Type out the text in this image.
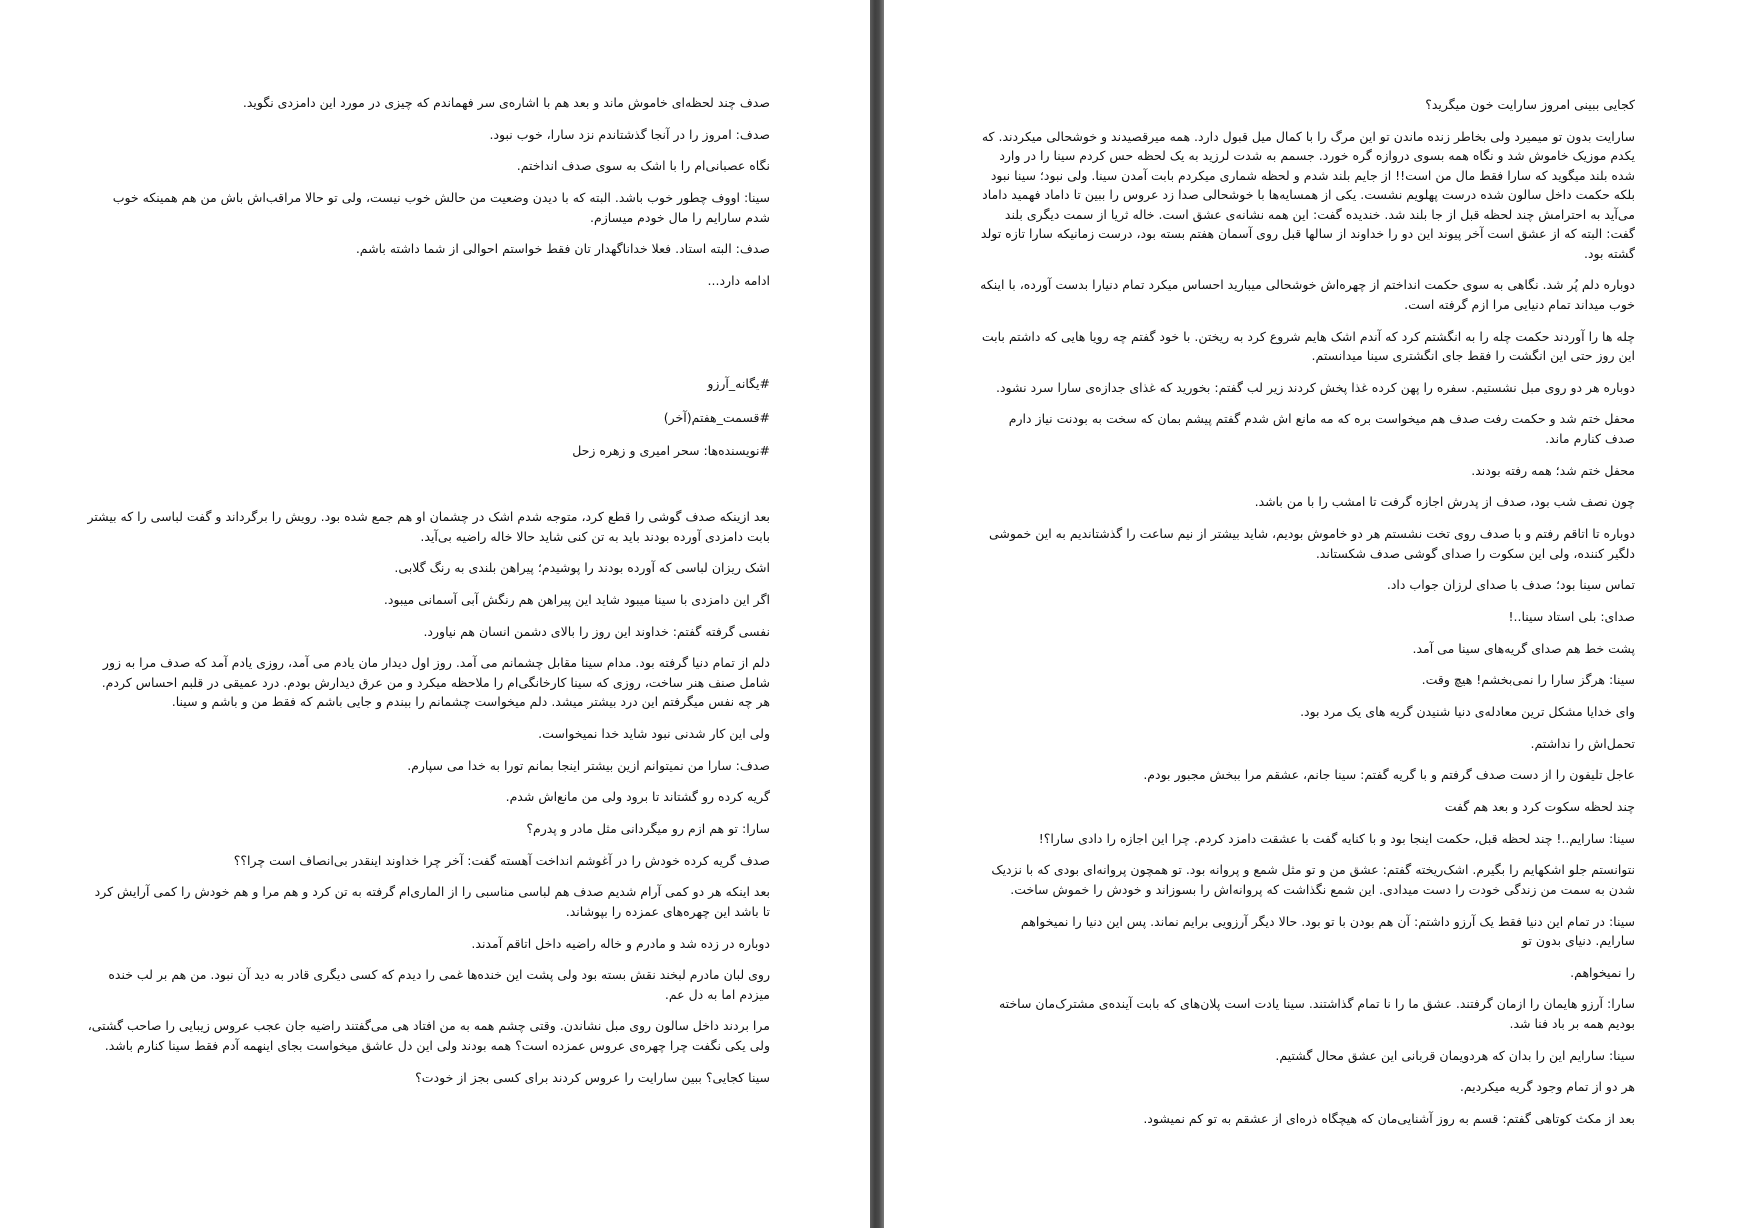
صدف چند لحظه‌ای خاموش ماند و بعد هم با اشاره‌ی سر فهماندم که چیزی در مورد این دامزدی نگوید.

صدف: امروز را در آنجا گذشتاندم نزد سارا، خوب نبود.

نگاه عصبانی‌ام را با اشک به سوی صدف انداختم.

سینا: اووف چطور خوب باشد. البته که با دیدن وضعیت من حالش خوب نیست، ولی تو حالا مراقب‌اش باش من هم همینکه خوب شدم سارایم را مال خودم میسازم.

صدف: البته استاد. فعلا خداناگهدار تان فقط خواستم احوالی از شما داشته باشم.

ادامه دارد...

#یگانه_آرزو

#قسمت_هفتم(آخر)

#نویسنده‌ها: سحر امیری و زهره زحل

بعد ازینکه صدف گوشی را قطع کرد، متوجه شدم اشک در چشمان او هم جمع شده بود. رویش را برگرداند و گفت لباسی را که بیشتر بابت دامزدی آورده بودند باید به تن کنی شاید حالا خاله راضیه بی‌آید.

اشک ریزان لباسی که آورده بودند را پوشیدم؛ پیراهن بلندی به رنگ گلابی.

اگر این دامزدی با سینا میبود شاید این پیراهن هم رنگش آبی آسمانی میبود.

نفسی گرفته گفتم: خداوند این روز را بالای دشمن انسان هم نیاورد.

دلم از تمام دنیا گرفته بود. مدام سینا مقابل چشمانم می آمد. روز اول دیدار مان یادم می آمد، روزی یادم آمد که صدف مرا به زور شامل صنف هنر ساخت، روزی که سینا کارخانگی‌ام را ملاحظه میکرد و من عرق دیدارش بودم. درد عمیقی در قلبم احساس کردم. هر چه نفس میگرفتم این درد بیشتر میشد. دلم میخواست چشمانم را ببندم و جایی باشم که فقط من و باشم و سینا.

ولی این کار شدنی نبود شاید خدا نمیخواست.

صدف: سارا من نمیتوانم ازین بیشتر اینجا بمانم تورا به خدا می سپارم.

گریه کرده رو گشتاند تا برود ولی من مانع‌اش شدم.

سارا: تو هم ازم رو میگردانی مثل مادر و پدرم؟

صدف گریه کرده خودش را در آغوشم انداخت آهسته گفت: آخر چرا خداوند اینقدر بی‌انصاف است چرا؟؟

بعد اینکه هر دو کمی آرام شدیم صدف هم لباسی مناسبی را از الماری‌ام گرفته به تن کرد و هم مرا و هم خودش را کمی آرایش کرد تا باشد این چهره‌های عمزده را بپوشاند.

دوباره در زده شد و مادرم و خاله راضیه داخل اتاقم آمدند.

روی لبان مادرم لبخند نقش بسته بود ولی پشت این خنده‌ها غمی را دیدم که کسی دیگری قادر به دید آن نبود. من هم بر لب خنده میزدم اما به دل عم.

مرا بردند داخل سالون روی مبل نشاندن. وقتی چشم همه به من افتاد هی می‌گفتند راضیه جان عجب عروس زیبایی را صاحب گشتی، ولی یکی نگفت چرا چهره‌ی عروس عمزده است؟ همه بودند ولی این دل عاشق میخواست بجای اینهمه آدم فقط سینا کنارم باشد.

سینا کجایی؟ ببین سارایت را عروس کردند برای کسی بجز از خودت؟

کجایی ببینی امروز سارایت خون میگرید؟

سارایت بدون تو میمیرد ولی بخاطر زنده ماندن تو این مرگ را با کمال میل قبول دارد. همه میرقصیدند و خوشحالی میکردند. که یکدم موزیک خاموش شد و نگاه همه بسوی دروازه گره خورد. جسمم به شدت لرزید به یک لحظه حس کردم سینا را در وارد شده بلند میگوید که سارا فقط مال من است!! از جایم بلند شدم و لحظه شماری میکردم بابت آمدن سینا. ولی نبود؛ سینا نبود بلکه حکمت داخل سالون شده درست پهلویم نشست. یکی از همسایه‌ها با خوشحالی صدا زد عروس را ببین تا داماد فهمید داماد می‌آید به احترامش چند لحظه قبل از جا بلند شد. خندیده گفت: این همه نشانه‌ی عشق است. خاله ثریا از سمت دیگری بلند گفت: البته که از عشق است آخر پیوند این دو را خداوند از سالها قبل روی آسمان هفتم بسته بود، درست زمانیکه سارا تازه تولد گشته بود.

دوباره دلم پُر شد. نگاهی به سوی حکمت انداختم از چهره‌اش خوشحالی میبارید احساس میکرد تمام دنیارا بدست آورده، با اینکه خوب میداند تمام دنیایی مرا ازم گرفته است.

چله ها را آوردند حکمت چله را به انگشتم کرد که آندم اشک هایم شروع کرد به ریختن. با خود گفتم چه رویا هایی که داشتم بابت این روز حتی این انگشت را فقط جای انگشتری سینا میدانستم.

دوباره هر دو روی مبل نشستیم. سفره را پهن کرده غذا پخش کردند زیر لب گفتم: بخورید که غذای جدازه‌ی سارا سرد نشود.

محفل ختم شد و حکمت رفت صدف هم میخواست بره که مه مانع اش شدم گفتم پیشم بمان که سخت به بودنت نیاز دارم صدف کنارم ماند.

محفل ختم شد؛ همه رفته بودند.

چون نصف شب بود، صدف از پدرش اجازه گرفت تا امشب را با من باشد.

دوباره تا اتاقم رفتم و با صدف روی تخت نشستم هر دو خاموش بودیم، شاید بیشتر از نیم ساعت را گذشتاندیم به این خموشی دلگیر کننده، ولی این سکوت را صدای گوشی صدف شکستاند.

تماس سینا بود؛ صدف با صدای لرزان جواب داد.

صدای: بلی استاد سینا..!

پشت خط هم صدای گریه‌های سینا می آمد.

سینا: هرگز سارا را نمی‌بخشم! هیچ وقت.

وای خدایا مشکل ترین معادله‌ی دنیا شنیدن گریه های یک مرد بود.

تحمل‌اش را نداشتم.

عاجل تلیفون را از دست صدف گرفتم و با گریه گفتم: سینا جانم، عشقم مرا ببخش مجبور بودم.

چند لحظه سکوت کرد و بعد هم گفت

سینا: سارایم..! چند لحظه قبل، حکمت اینجا بود و با کنایه گفت با عشقت دامزد کردم. چرا این اجازه را دادی سارا؟!

نتوانستم جلو اشکهایم را بگیرم. اشک‌ریخته گفتم: عشق من و تو مثل شمع و پروانه بود. تو همچون پروانه‌ای بودی که با نزدیک شدن به سمت من زندگی خودت را دست میدادی. این شمع نگذاشت که پروانه‌اش را بسوزاند و خودش را خموش ساخت.

سینا: در تمام این دنیا فقط یک آرزو داشتم: آن هم بودن با تو بود. حالا دیگر آرزویی برایم نماند. پس این دنیا را نمیخواهم سارایم. دنیای بدون تو

را نمیخواهم.

سارا: آرزو هایمان را ازمان گرفتند. عشق ما را نا تمام گذاشتند. سینا یادت است پلان‌های که بابت آینده‌ی مشترک‌مان ساخته بودیم همه بر باد فنا شد.

سینا: سارایم این را بدان که هردویمان قربانی این عشق محال گشتیم.

هر دو از تمام وجود گریه میکردیم.

بعد از مکث کوتاهی گفتم: قسم به روز آشنایی‌مان که هیچگاه ذره‌ای از عشقم به تو کم نمیشود.
